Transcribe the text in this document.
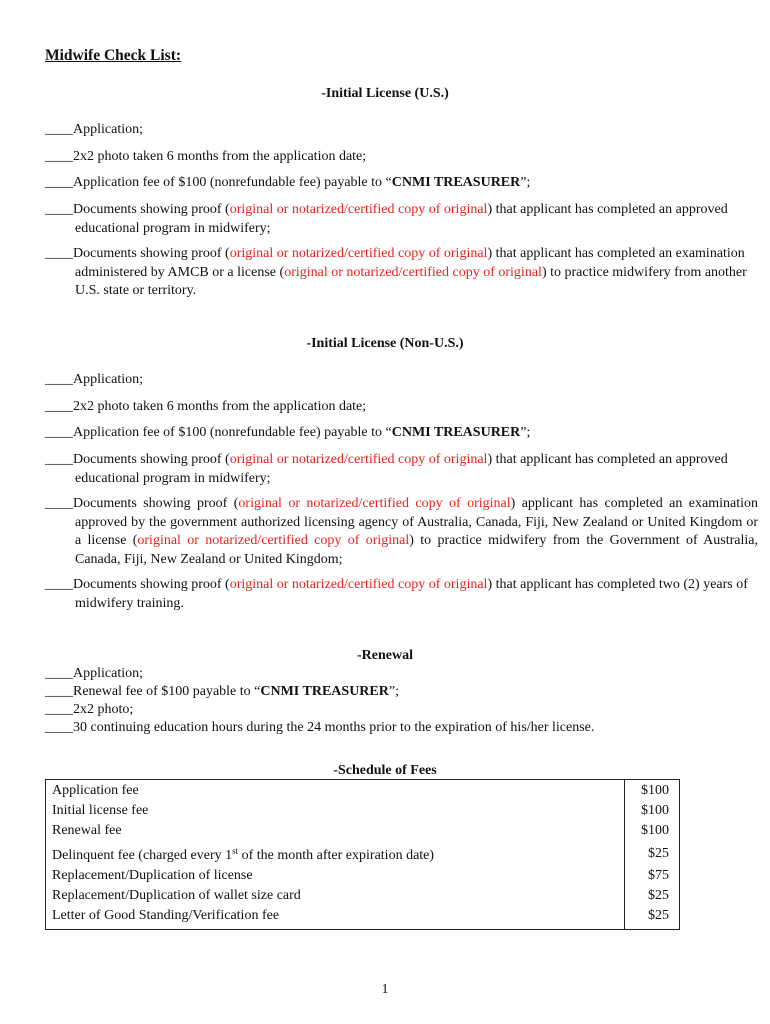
Midwife Check List:
-Initial License (U.S.)
____Application;
____2x2 photo taken 6 months from the application date;
____Application fee of $100 (nonrefundable fee) payable to “CNMI TREASURER”;
____Documents showing proof (original or notarized/certified copy of original) that applicant has completed an approved educational program in midwifery;
____Documents showing proof (original or notarized/certified copy of original) that applicant has completed an examination administered by AMCB or a license (original or notarized/certified copy of original) to practice midwifery from another U.S. state or territory.
-Initial License (Non-U.S.)
____Application;
____2x2 photo taken 6 months from the application date;
____Application fee of $100 (nonrefundable fee) payable to “CNMI TREASURER”;
____Documents showing proof (original or notarized/certified copy of original) that applicant has completed an approved educational program in midwifery;
____Documents showing proof (original or notarized/certified copy of original) applicant has completed an examination approved by the government authorized licensing agency of Australia, Canada, Fiji, New Zealand or United Kingdom or a license (original or notarized/certified copy of original) to practice midwifery from the Government of Australia, Canada, Fiji, New Zealand or United Kingdom;
____Documents showing proof (original or notarized/certified copy of original) that applicant has completed two (2) years of midwifery training.
-Renewal
____Application;
____Renewal fee of $100 payable to “CNMI TREASURER”;
____2x2 photo;
____30 continuing education hours during the 24 months prior to the expiration of his/her license.
-Schedule of Fees
Application fee	$100
Initial license fee	$100
Renewal fee	$100
Delinquent fee (charged every 1st of the month after expiration date)	$25
Replacement/Duplication of license	$75
Replacement/Duplication of wallet size card	$25
Letter of Good Standing/Verification fee	$25
1
